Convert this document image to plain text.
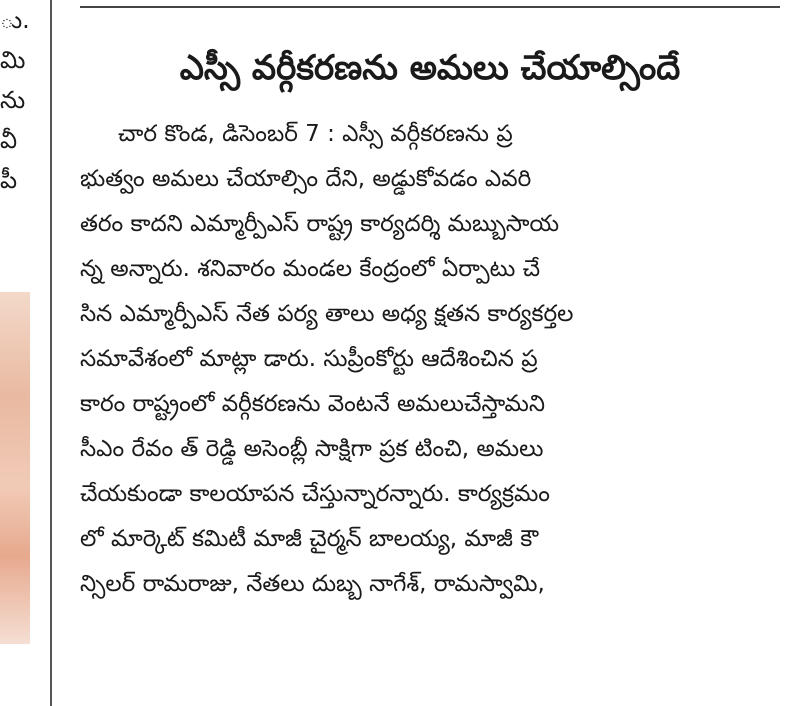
ు.
మి
ను
వీ
పీ
ఎస్సీ వర్గీకరణను అమలు చేయాల్సిందే
చార కొండ, డిసెంబర్ 7 : ఎస్సీ వర్గీకరణను ప్ర
భుత్వం అమలు చేయాల్సిం దేని, అడ్డుకోవడం ఎవరి
తరం కాదని ఎమ్మార్పీఎస్ రాష్ట్ర కార్యదర్శి మబ్బుసాయ
న్న అన్నారు. శనివారం మండల కేంద్రంలో ఏర్పాటు చే
సిన ఎమ్మార్పీఎస్ నేత పర్య తాలు అధ్య క్షతన కార్యకర్తల
సమావేశంలో మాట్లా డారు. సుప్రీంకోర్టు ఆదేశించిన ప్ర
కారం రాష్ట్రంలో వర్గీకరణను వెంటనే అమలుచేస్తామని
సీఎం రేవం త్ రెడ్డి అసెంబ్లీ సాక్షిగా ప్రక టించి, అమలు
చేయకుండా కాలయాపన చేస్తున్నారన్నారు. కార్యక్రమం
లో మార్కెట్ కమిటీ మాజీ చైర్మన్ బాలయ్య, మాజీ కౌ
న్సిలర్ రామరాజు, నేతలు దుబ్బ నాగేశ్, రామస్వామి,
